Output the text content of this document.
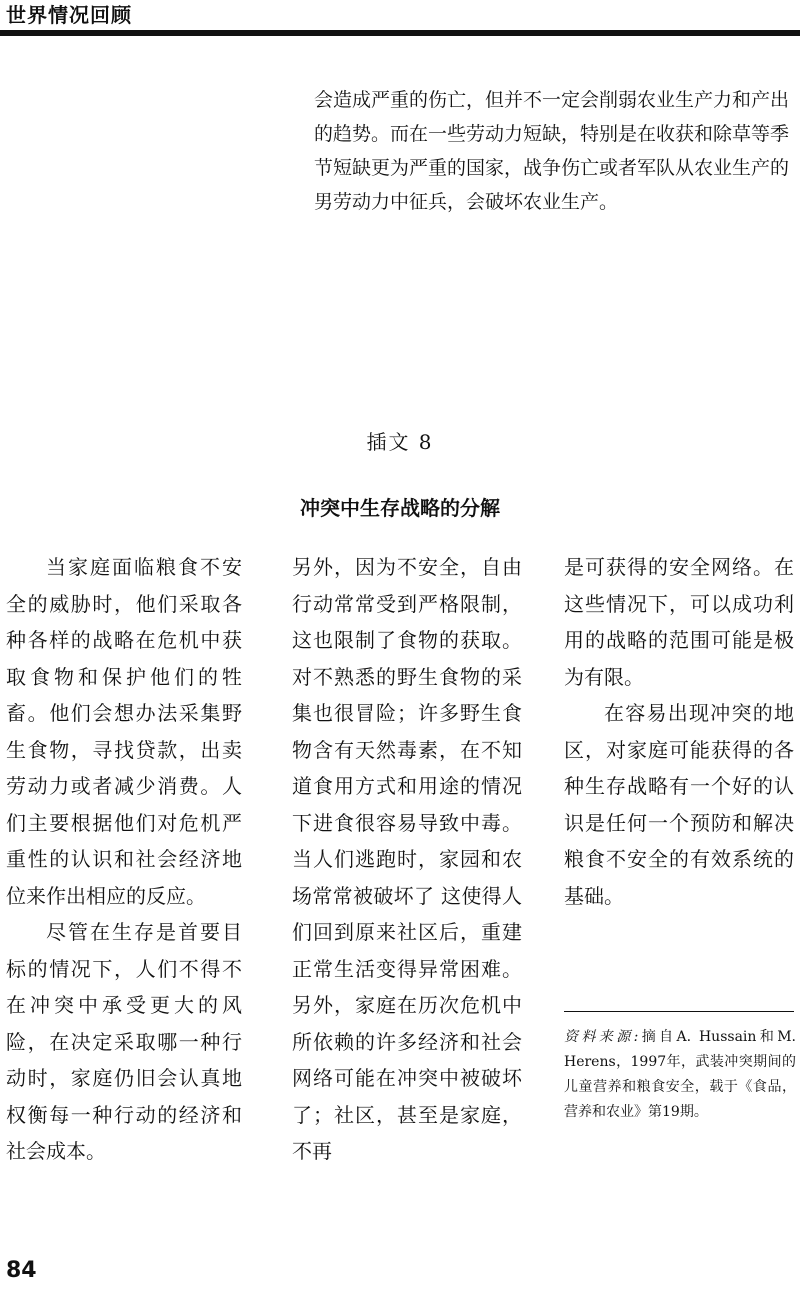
世界情况回顾

会造成严重的伤亡，但并不一定会削弱农业生产力和产出的趋势。而在一些劳动力短缺，特别是在收获和除草等季节短缺更为严重的国家，战争伤亡或者军队从农业生产的男劳动力中征兵，会破坏农业生产。

插文 8
冲突中生存战略的分解

当家庭面临粮食不安全的威胁时，他们采取各种各样的战略在危机中获取食物和保护他们的牲畜。他们会想办法采集野生食物，寻找贷款，出卖劳动力或者减少消费。人们主要根据他们对危机严重性的认识和社会经济地位来作出相应的反应。

尽管在生存是首要目标的情况下，人们不得不在冲突中承受更大的风险，在决定采取哪一种行动时，家庭仍旧会认真地权衡每一种行动的经济和社会成本。

另外，因为不安全，自由行动常常受到严格限制，这也限制了食物的获取。对不熟悉的野生食物的采集也很冒险；许多野生食物含有天然毒素，在不知道食用方式和用途的情况下进食很容易导致中毒。当人们逃跑时，家园和农场常常被破坏了 这使得人们回到原来社区后，重建正常生活变得异常困难。另外，家庭在历次危机中所依赖的许多经济和社会网络可能在冲突中被破坏了；社区，甚至是家庭，不再

是可获得的安全网络。在这些情况下，可以成功利用的战略的范围可能是极为有限。

在容易出现冲突的地区，对家庭可能获得的各种生存战略有一个好的认识是任何一个预防和解决粮食不安全的有效系统的基础。

资料来源:摘自A. Hussain和M. Herens，1997年，武装冲突期间的儿童营养和粮食安全，载于《食品，营养和农业》第19期。
84
